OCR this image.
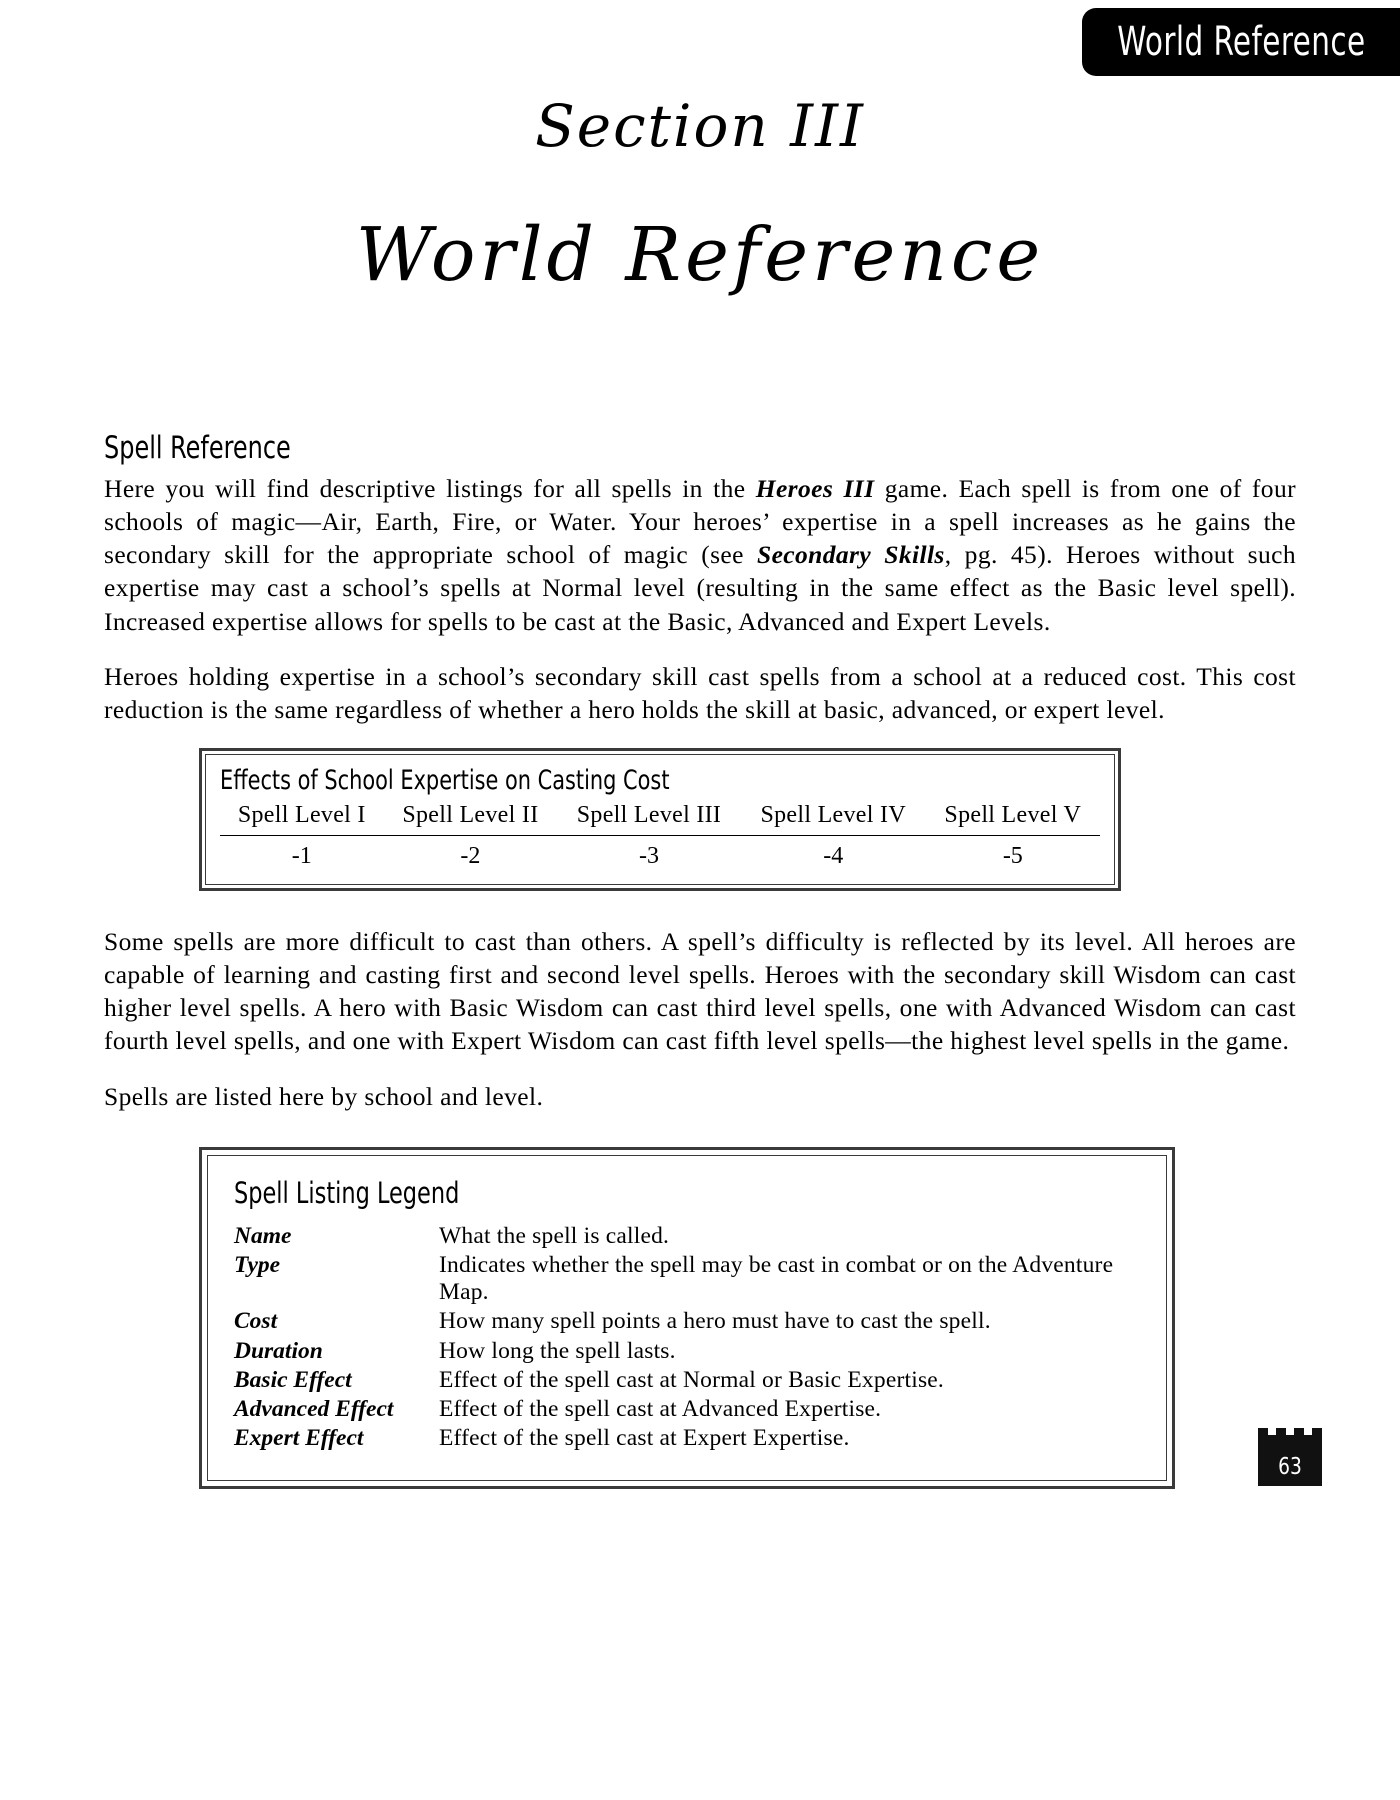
World Reference
Section III
World Reference
Spell Reference

Here you will find descriptive listings for all spells in the Heroes III game. Each spell is from one of four schools of magic—Air, Earth, Fire, or Water. Your heroes’ expertise in a spell increases as he gains the secondary skill for the appropriate school of magic (see Secondary Skills, pg. 45). Heroes without such expertise may cast a school’s spells at Normal level (resulting in the same effect as the Basic level spell). Increased expertise allows for spells to be cast at the Basic, Advanced and Expert Levels.

Heroes holding expertise in a school’s secondary skill cast spells from a school at a reduced cost. This cost reduction is the same regardless of whether a hero holds the skill at basic, advanced, or expert level.

Effects of School Expertise on Casting Cost
Spell Level I	Spell Level II	Spell Level III	Spell Level IV	Spell Level V
-1	-2	-3	-4	-5

Some spells are more difficult to cast than others. A spell’s difficulty is reflected by its level. All heroes are capable of learning and casting first and second level spells. Heroes with the secondary skill Wisdom can cast higher level spells. A hero with Basic Wisdom can cast third level spells, one with Advanced Wisdom can cast fourth level spells, and one with Expert Wisdom can cast fifth level spells—the highest level spells in the game.

Spells are listed here by school and level.

Spell Listing Legend
Name	What the spell is called.
Type	Indicates whether the spell may be cast in combat or on the Adventure Map.
Cost	How many spell points a hero must have to cast the spell.
Duration	How long the spell lasts.
Basic Effect	Effect of the spell cast at Normal or Basic Expertise.
Advanced Effect	Effect of the spell cast at Advanced Expertise.
Expert Effect	Effect of the spell cast at Expert Expertise.
63
